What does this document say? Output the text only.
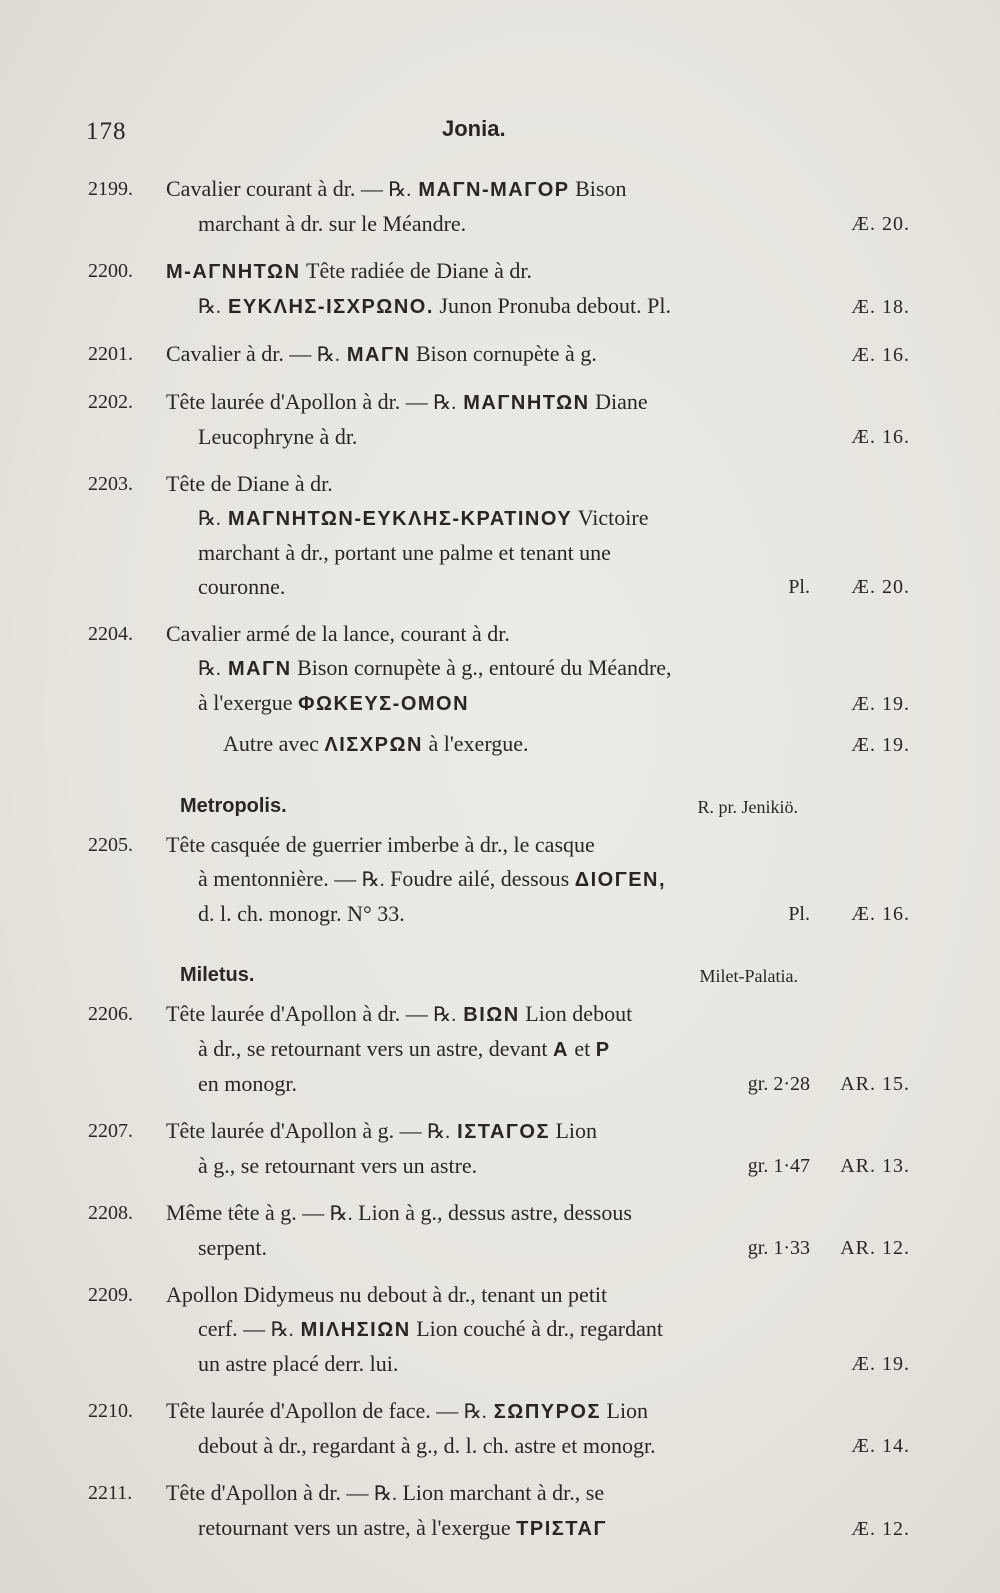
178	Jonia.
2199.	Cavalier courant à dr. — ℞. ΜΑΓΝ-ΜΑΓΟΡ Bison
marchant à dr. sur le Méandre.	Æ. 20.
2200.	Μ-ΑΓΝΗΤΩΝ Tête radiée de Diane à dr.
℞. ΕΥΚΛΗΣ-ΙΣΧΡΩΝΟ. Junon Pronuba debout. Pl.	Æ. 18.
2201.	Cavalier à dr. — ℞. ΜΑΓΝ Bison cornupète à g.	Æ. 16.
2202.	Tête laurée d'Apollon à dr. — ℞. ΜΑΓΝΗΤΩΝ Diane
Leucophryne à dr.	Æ. 16.
2203.	Tête de Diane à dr.
℞. ΜΑΓΝΗΤΩΝ-ΕΥΚΛΗΣ-ΚΡΑΤΙΝΟΥ Victoire
marchant à dr., portant une palme et tenant une
couronne.	Pl. Æ. 20.
2204.	Cavalier armé de la lance, courant à dr.
℞. ΜΑΓΝ Bison cornupète à g., entouré du Méandre,
à l'exergue ΦΩΚΕΥΣ-ΟΜΟΝ	Æ. 19.
Autre avec ΛΙΣΧΡΩΝ à l'exergue.	Æ. 19.
Metropolis.	R. pr. Jenikiö.
2205.	Tête casquée de guerrier imberbe à dr., le casque
à mentonnière. — ℞. Foudre ailé, dessous ΔΙΟΓΕΝ,
d. l. ch. monogr. N° 33.	Pl. Æ. 16.
Miletus.	Milet-Palatia.
2206.	Tête laurée d'Apollon à dr. — ℞. ΒΙΩΝ Lion debout
à dr., se retournant vers un astre, devant Α et Ρ
en monogr.	gr. 2·28 AR. 15.
2207.	Tête laurée d'Apollon à g. — ℞. ΙΣΤΑΓΟΣ Lion
à g., se retournant vers un astre.	gr. 1·47 AR. 13.
2208.	Même tête à g. — ℞. Lion à g., dessus astre, dessous
serpent.	gr. 1·33 AR. 12.
2209.	Apollon Didymeus nu debout à dr., tenant un petit
cerf. — ℞. ΜΙΛΗΣΙΩΝ Lion couché à dr., regardant
un astre placé derr. lui.	Æ. 19.
2210.	Tête laurée d'Apollon de face. — ℞. ΣΩΠΥΡΟΣ Lion
debout à dr., regardant à g., d. l. ch. astre et monogr.	Æ. 14.
2211.	Tête d'Apollon à dr. — ℞. Lion marchant à dr., se
retournant vers un astre, à l'exergue ΤΡΙΣΤΑΓ	Æ. 12.
